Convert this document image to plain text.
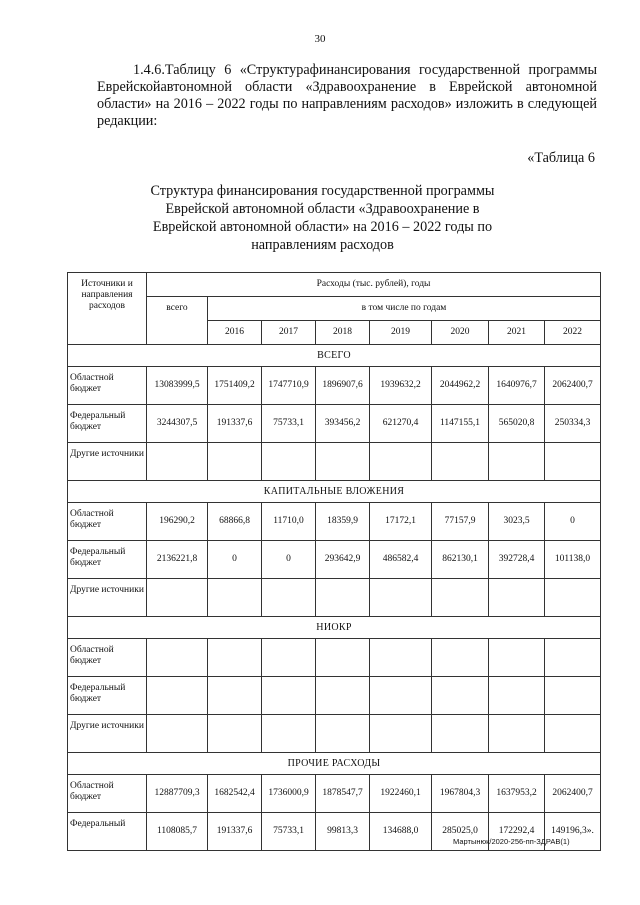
30
1.4.6.Таблицу 6 «Структурафинансирования государственной программы Еврейскойавтономной области «Здравоохранение в Еврейской автономной области» на 2016 – 2022 годы по направлениям расходов» изложить в следующей редакции:
«Таблица 6
Структура финансирования государственной программы Еврейской автономной области «Здравоохранение в Еврейской автономной области» на 2016 – 2022 годы по направлениям расходов
Источники и направления расходов	Расходы (тыс. рублей), годы							
	всего	в том числе по годам						
		2016	2017	2018	2019	2020	2021	2022
ВСЕГО								
Областной бюджет	13083999,5	1751409,2	1747710,9	1896907,6	1939632,2	2044962,2	1640976,7	2062400,7
Федеральный бюджет	3244307,5	191337,6	75733,1	393456,2	621270,4	1147155,1	565020,8	250334,3
Другие источники								
КАПИТАЛЬНЫЕ ВЛОЖЕНИЯ								
Областной бюджет	196290,2	68866,8	11710,0	18359,9	17172,1	77157,9	3023,5	0
Федеральный бюджет	2136221,8	0	0	293642,9	486582,4	862130,1	392728,4	101138,0
Другие источники								
НИОКР								
Областной бюджет								
Федеральный бюджет								
Другие источники								
ПРОЧИЕ РАСХОДЫ								
Областной бюджет	12887709,3	1682542,4	1736000,9	1878547,7	1922460,1	1967804,3	1637953,2	2062400,7
Федеральный	1108085,7	191337,6	75733,1	99813,3	134688,0	285025,0	172292,4	149196,3».
Мартынюк/2020-256-пп-ЗДРАВ(1)
